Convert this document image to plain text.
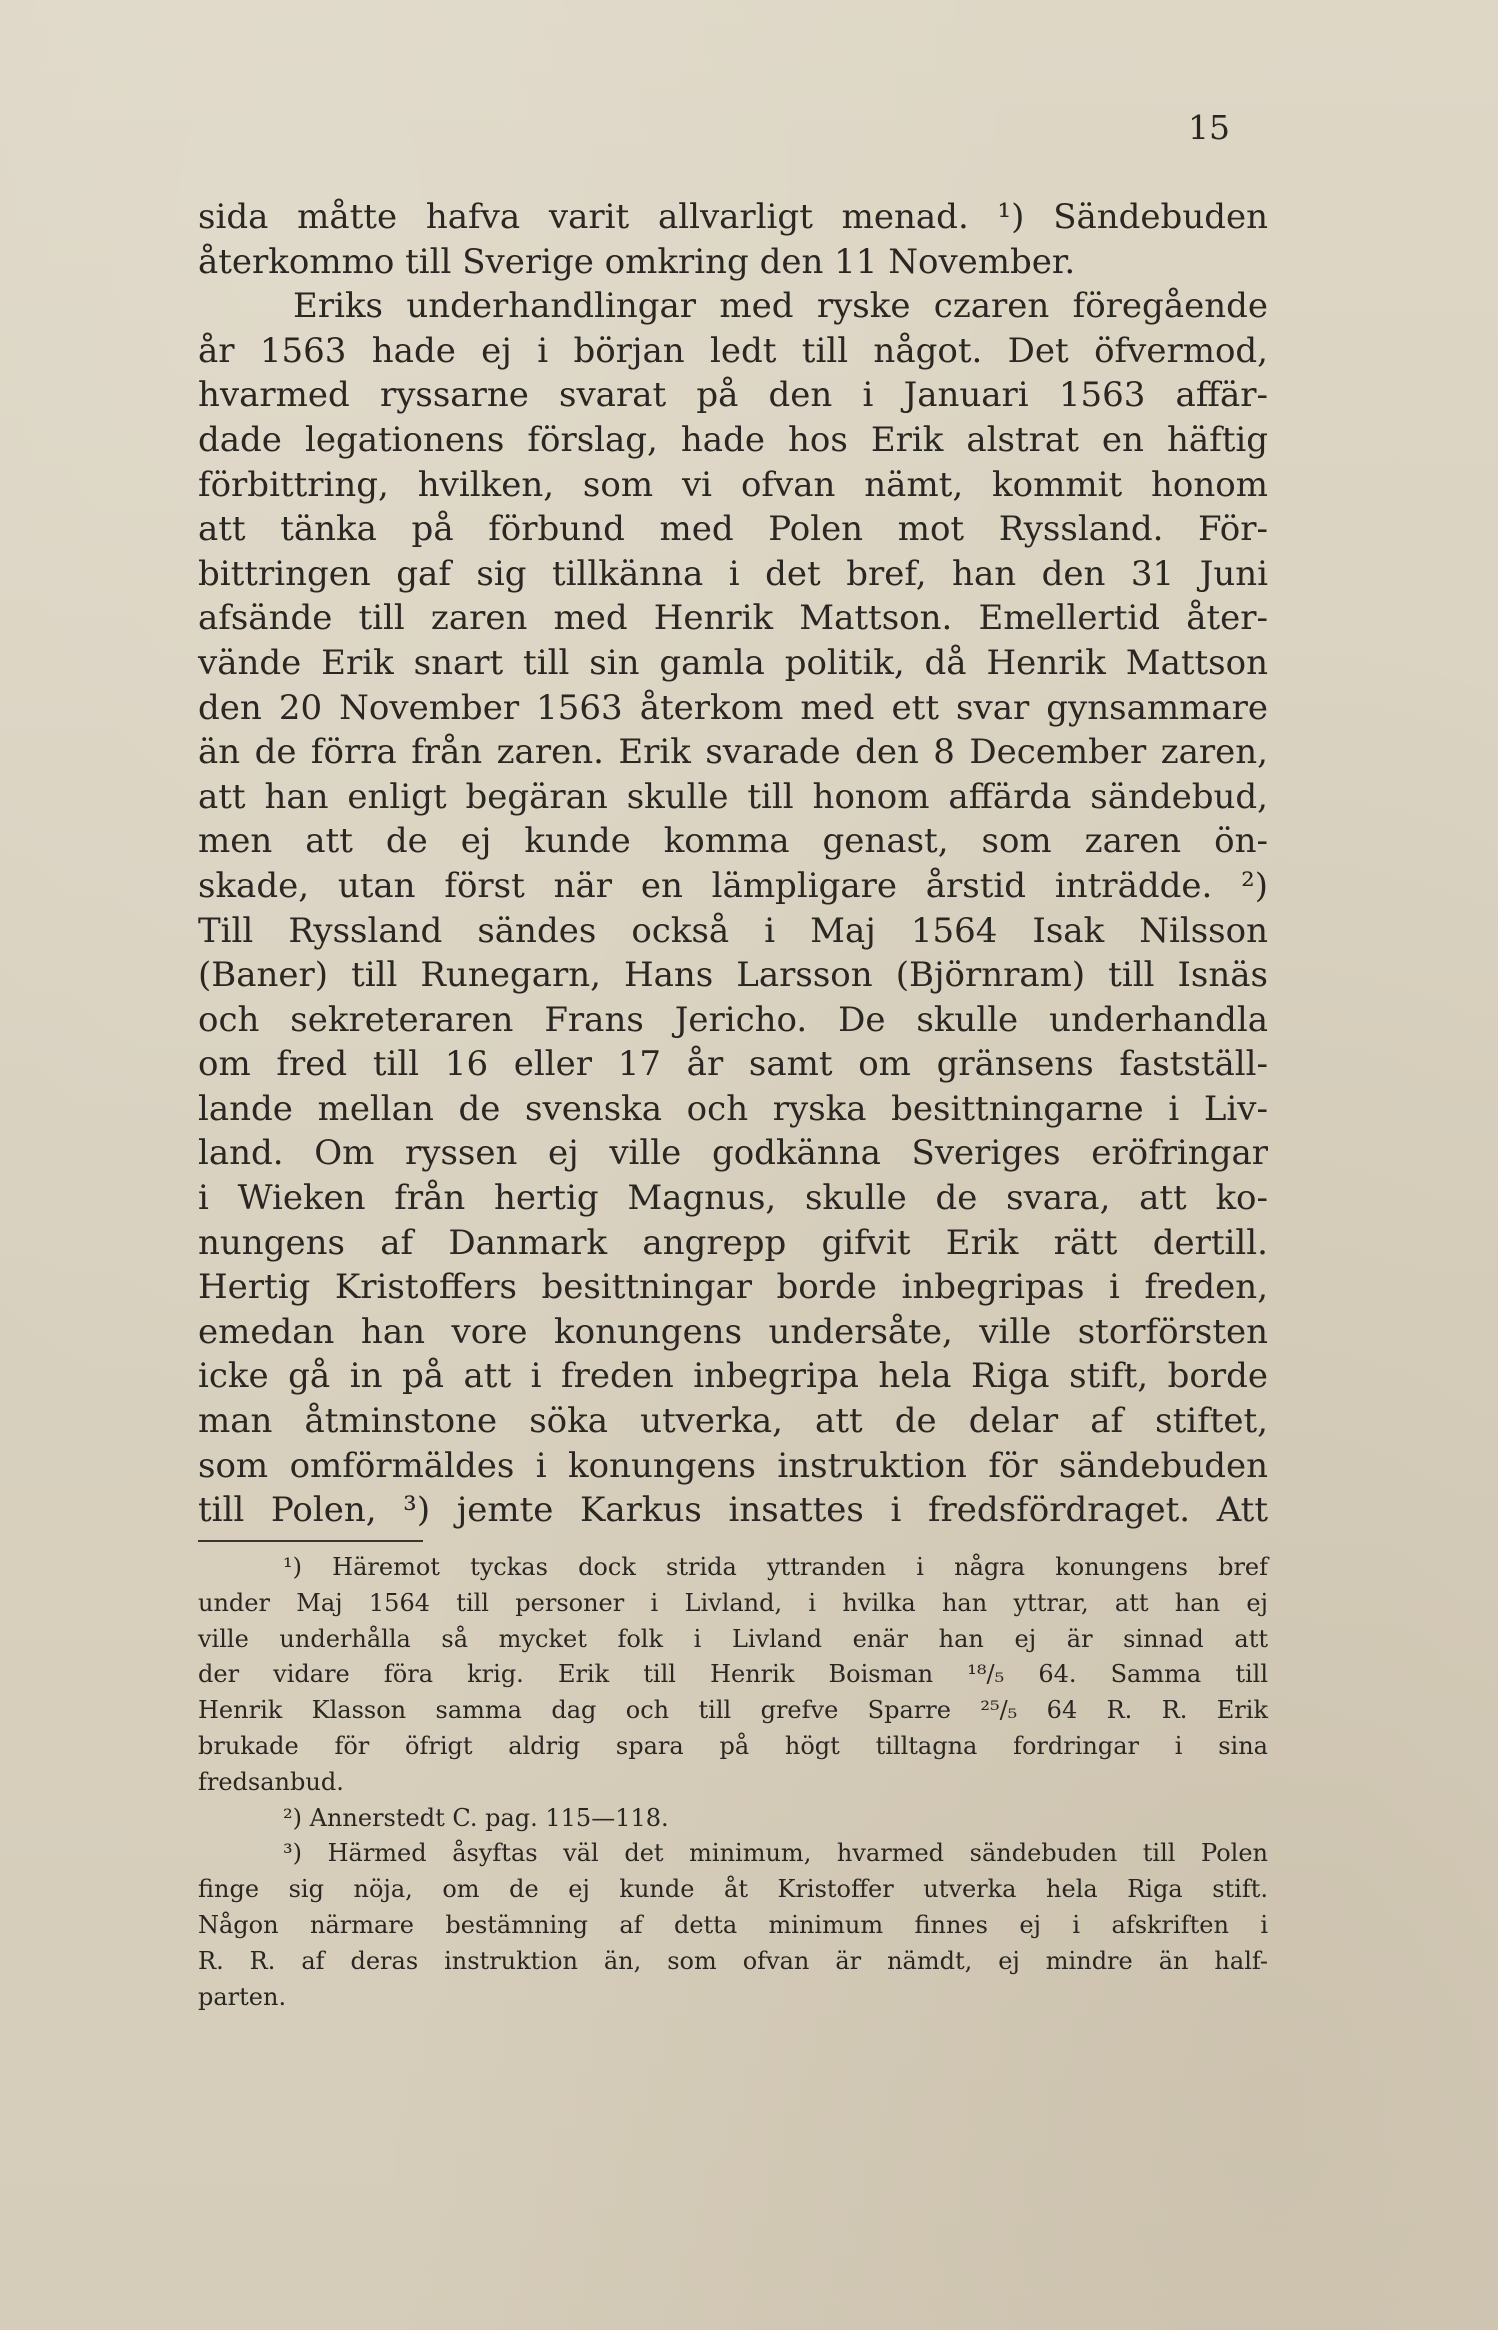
15
sida måtte hafva varit allvarligt menad. ¹) Sändebuden
återkommo till Sverige omkring den 11 November.
Eriks underhandlingar med ryske czaren föregående
år 1563 hade ej i början ledt till något. Det öfvermod,
hvarmed ryssarne svarat på den i Januari 1563 affär-
dade legationens förslag, hade hos Erik alstrat en häftig
förbittring, hvilken, som vi ofvan nämt, kommit honom
att tänka på förbund med Polen mot Ryssland. För-
bittringen gaf sig tillkänna i det bref, han den 31 Juni
afsände till zaren med Henrik Mattson. Emellertid åter-
vände Erik snart till sin gamla politik, då Henrik Mattson
den 20 November 1563 återkom med ett svar gynsammare
än de förra från zaren. Erik svarade den 8 December zaren,
att han enligt begäran skulle till honom affärda sändebud,
men att de ej kunde komma genast, som zaren ön-
skade, utan först när en lämpligare årstid inträdde. ²)
Till Ryssland sändes också i Maj 1564 Isak Nilsson
(Baner) till Runegarn, Hans Larsson (Björnram) till Isnäs
och sekreteraren Frans Jericho. De skulle underhandla
om fred till 16 eller 17 år samt om gränsens fastställ-
lande mellan de svenska och ryska besittningarne i Liv-
land. Om ryssen ej ville godkänna Sveriges eröfringar
i Wieken från hertig Magnus, skulle de svara, att ko-
nungens af Danmark angrepp gifvit Erik rätt dertill.
Hertig Kristoffers besittningar borde inbegripas i freden,
emedan han vore konungens undersåte, ville storförsten
icke gå in på att i freden inbegripa hela Riga stift, borde
man åtminstone söka utverka, att de delar af stiftet,
som omförmäldes i konungens instruktion för sändebuden
till Polen, ³) jemte Karkus insattes i fredsfördraget. Att
¹) Häremot tyckas dock strida yttranden i några konungens bref
under Maj 1564 till personer i Livland, i hvilka han yttrar, att han ej
ville underhålla så mycket folk i Livland enär han ej är sinnad att
der vidare föra krig. Erik till Henrik Boisman ¹⁸/₅ 64. Samma till
Henrik Klasson samma dag och till grefve Sparre ²⁵/₅ 64 R. R. Erik
brukade för öfrigt aldrig spara på högt tilltagna fordringar i sina
fredsanbud.
²) Annerstedt C. pag. 115—118.
³) Härmed åsyftas väl det minimum, hvarmed sändebuden till Polen
finge sig nöja, om de ej kunde åt Kristoffer utverka hela Riga stift.
Någon närmare bestämning af detta minimum finnes ej i afskriften i
R. R. af deras instruktion än, som ofvan är nämdt, ej mindre än half-
parten.
